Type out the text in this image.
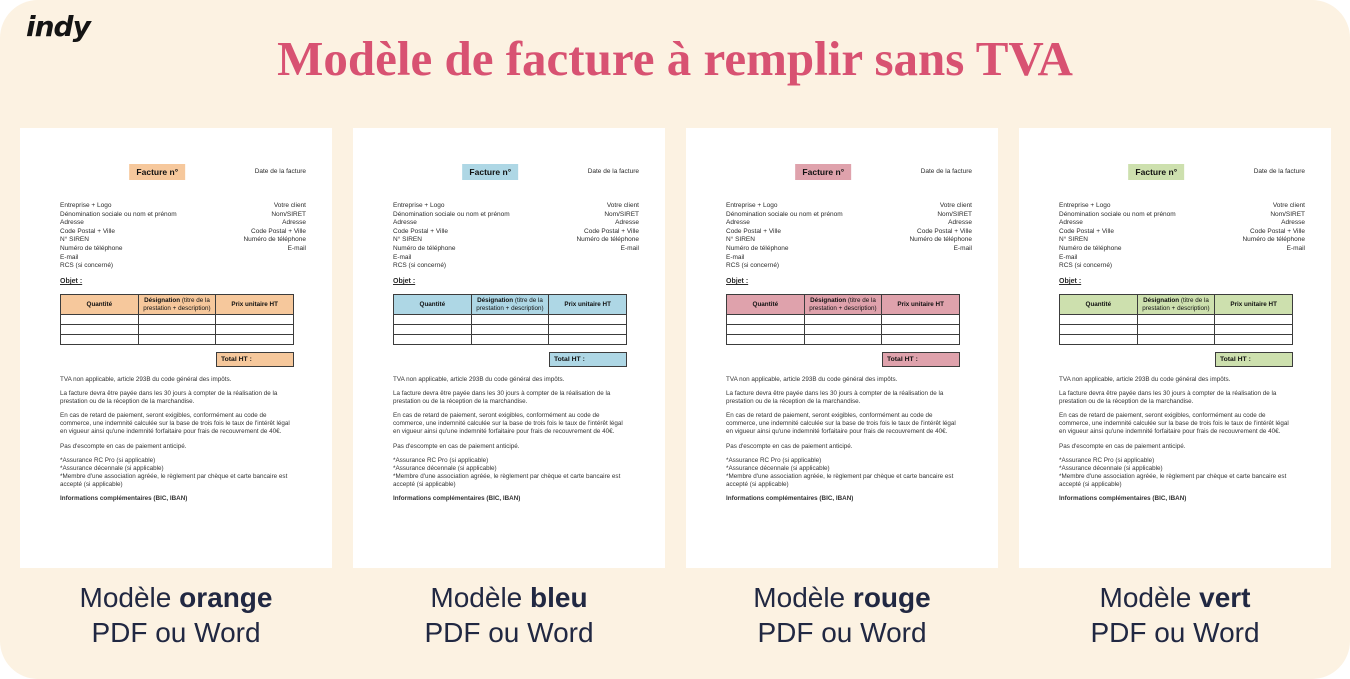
indy
Modèle de facture à remplir sans TVA
Facture n°	Date de la facture
Entreprise + Logo
Dénomination sociale ou nom et prénom
Adresse
Code Postal + Ville
N° SIREN
Numéro de téléphone
E-mail
RCS (si concerné)
Votre client
Nom/SIRET
Adresse
Code Postal + Ville
Numéro de téléphone
E-mail
Objet :
Quantité	Désignation (titre de la prestation + description)	Prix unitaire HT

Total HT :

TVA non applicable, article 293B du code général des impôts.

La facture devra être payée dans les 30 jours à compter de la réalisation de la prestation ou de la réception de la marchandise.

En cas de retard de paiement, seront exigibles, conformément au code de commerce, une indemnité calculée sur la base de trois fois le taux de l'intérêt légal en vigueur ainsi qu'une indemnité forfaitaire pour frais de recouvrement de 40€.

Pas d'escompte en cas de paiement anticipé.

*Assurance RC Pro (si applicable)

*Assurance décennale (si applicable)

*Membre d'une association agréée, le règlement par chèque et carte bancaire est accepté (si applicable)

Informations complémentaires (BIC, IBAN)

Modèle orange
PDF ou Word
Facture n°	Date de la facture
Entreprise + Logo
Dénomination sociale ou nom et prénom
Adresse
Code Postal + Ville
N° SIREN
Numéro de téléphone
E-mail
RCS (si concerné)
Votre client
Nom/SIRET
Adresse
Code Postal + Ville
Numéro de téléphone
E-mail
Objet :
Quantité	Désignation (titre de la prestation + description)	Prix unitaire HT

Total HT :

TVA non applicable, article 293B du code général des impôts.

La facture devra être payée dans les 30 jours à compter de la réalisation de la prestation ou de la réception de la marchandise.

En cas de retard de paiement, seront exigibles, conformément au code de commerce, une indemnité calculée sur la base de trois fois le taux de l'intérêt légal en vigueur ainsi qu'une indemnité forfaitaire pour frais de recouvrement de 40€.

Pas d'escompte en cas de paiement anticipé.

*Assurance RC Pro (si applicable)

*Assurance décennale (si applicable)

*Membre d'une association agréée, le règlement par chèque et carte bancaire est accepté (si applicable)

Informations complémentaires (BIC, IBAN)

Modèle bleu
PDF ou Word
Facture n°	Date de la facture
Entreprise + Logo
Dénomination sociale ou nom et prénom
Adresse
Code Postal + Ville
N° SIREN
Numéro de téléphone
E-mail
RCS (si concerné)
Votre client
Nom/SIRET
Adresse
Code Postal + Ville
Numéro de téléphone
E-mail
Objet :
Quantité	Désignation (titre de la prestation + description)	Prix unitaire HT

Total HT :

TVA non applicable, article 293B du code général des impôts.

La facture devra être payée dans les 30 jours à compter de la réalisation de la prestation ou de la réception de la marchandise.

En cas de retard de paiement, seront exigibles, conformément au code de commerce, une indemnité calculée sur la base de trois fois le taux de l'intérêt légal en vigueur ainsi qu'une indemnité forfaitaire pour frais de recouvrement de 40€.

Pas d'escompte en cas de paiement anticipé.

*Assurance RC Pro (si applicable)

*Assurance décennale (si applicable)

*Membre d'une association agréée, le règlement par chèque et carte bancaire est accepté (si applicable)

Informations complémentaires (BIC, IBAN)

Modèle rouge
PDF ou Word
Facture n°	Date de la facture
Entreprise + Logo
Dénomination sociale ou nom et prénom
Adresse
Code Postal + Ville
N° SIREN
Numéro de téléphone
E-mail
RCS (si concerné)
Votre client
Nom/SIRET
Adresse
Code Postal + Ville
Numéro de téléphone
E-mail
Objet :
Quantité	Désignation (titre de la prestation + description)	Prix unitaire HT

Total HT :

TVA non applicable, article 293B du code général des impôts.

La facture devra être payée dans les 30 jours à compter de la réalisation de la prestation ou de la réception de la marchandise.

En cas de retard de paiement, seront exigibles, conformément au code de commerce, une indemnité calculée sur la base de trois fois le taux de l'intérêt légal en vigueur ainsi qu'une indemnité forfaitaire pour frais de recouvrement de 40€.

Pas d'escompte en cas de paiement anticipé.

*Assurance RC Pro (si applicable)

*Assurance décennale (si applicable)

*Membre d'une association agréée, le règlement par chèque et carte bancaire est accepté (si applicable)

Informations complémentaires (BIC, IBAN)

Modèle vert
PDF ou Word
